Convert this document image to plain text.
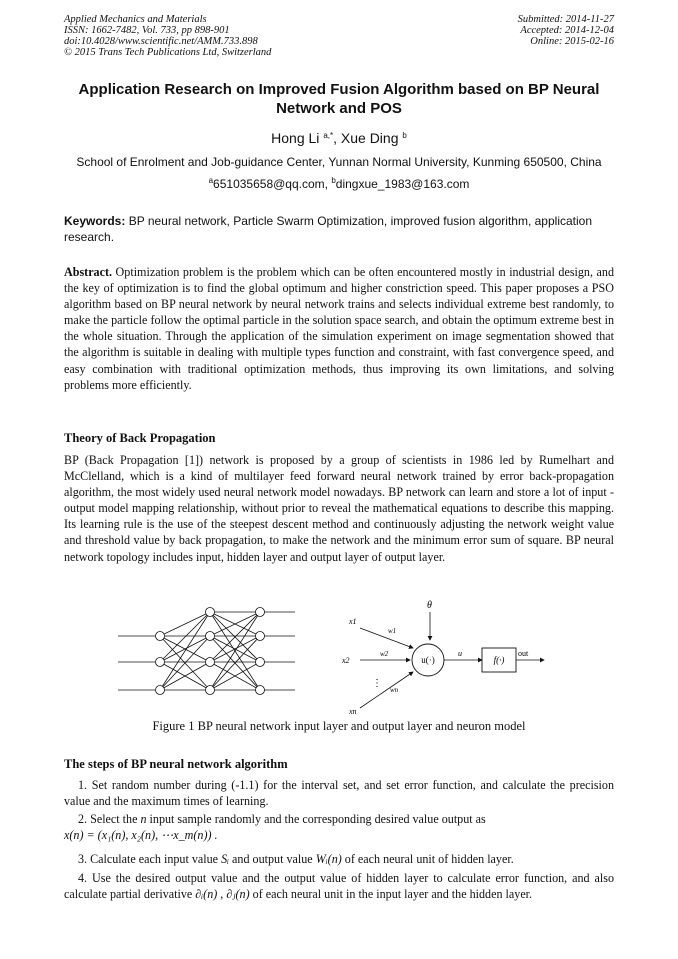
Applied Mechanics and Materials
ISSN: 1662-7482, Vol. 733, pp 898-901
doi:10.4028/www.scientific.net/AMM.733.898
© 2015 Trans Tech Publications Ltd, Switzerland
Submitted: 2014-11-27
Accepted: 2014-12-04
Online: 2015-02-16
Application Research on Improved Fusion Algorithm based on BP Neural Network and POS
Hong Li $^{a,*}$, Xue Ding $^b$
School of Enrolment and Job-guidance Center, Yunnan Normal University, Kunming 650500, China
$^a$651035658@qq.com, $^b$dingxue_1983@163.com
Keywords: BP neural network, Particle Swarm Optimization, improved fusion algorithm, application research.
Abstract. Optimization problem is the problem which can be often encountered mostly in industrial design, and the key of optimization is to find the global optimum and higher constriction speed. This paper proposes a PSO algorithm based on BP neural network by neural network trains and selects individual extreme best randomly, to make the particle follow the optimal particle in the solution space search, and obtain the optimum extreme best in the whole situation. Through the application of the simulation experiment on image segmentation showed that the algorithm is suitable in dealing with multiple types function and constraint, with fast convergence speed, and easy combination with traditional optimization methods, thus improving its own limitations, and solving problems more efficiently.
Theory of Back Propagation
BP (Back Propagation [1]) network is proposed by a group of scientists in 1986 led by Rumelhart and McClelland, which is a kind of multilayer feed forward neural network trained by error back-propagation algorithm, the most widely used neural network model nowadays. BP network can learn and store a lot of input - output model mapping relationship, without prior to reveal the mathematical equations to describe this mapping. Its learning rule is the use of the steepest descent method and continuously adjusting the network weight value and threshold value by back propagation, to make the network and the minimum error sum of square. BP neural network topology includes input, hidden layer and output layer of output layer.
θ
x1
x2
xn
w1
w2
wn
⋮
u(·)
u
f(·)
out
Figure 1 BP neural network input layer and output layer and neuron model
The steps of BP neural network algorithm
1. Set random number during (-1.1) for the interval set, and set error function, and calculate the precision value and the maximum times of learning.
2. Select the n input sample randomly and the corresponding desired value output as
x(n) = (x₁(n), x₂(n), ⋯x_m(n)) .
3. Calculate each input value Sᵢ and output value Wᵢ(n) of each neural unit of hidden layer.
4. Use the desired output value and the output value of hidden layer to calculate error function, and also calculate partial derivative ∂ᵢ(n) , ∂ⱼ(n) of each neural unit in the input layer and the hidden layer.
